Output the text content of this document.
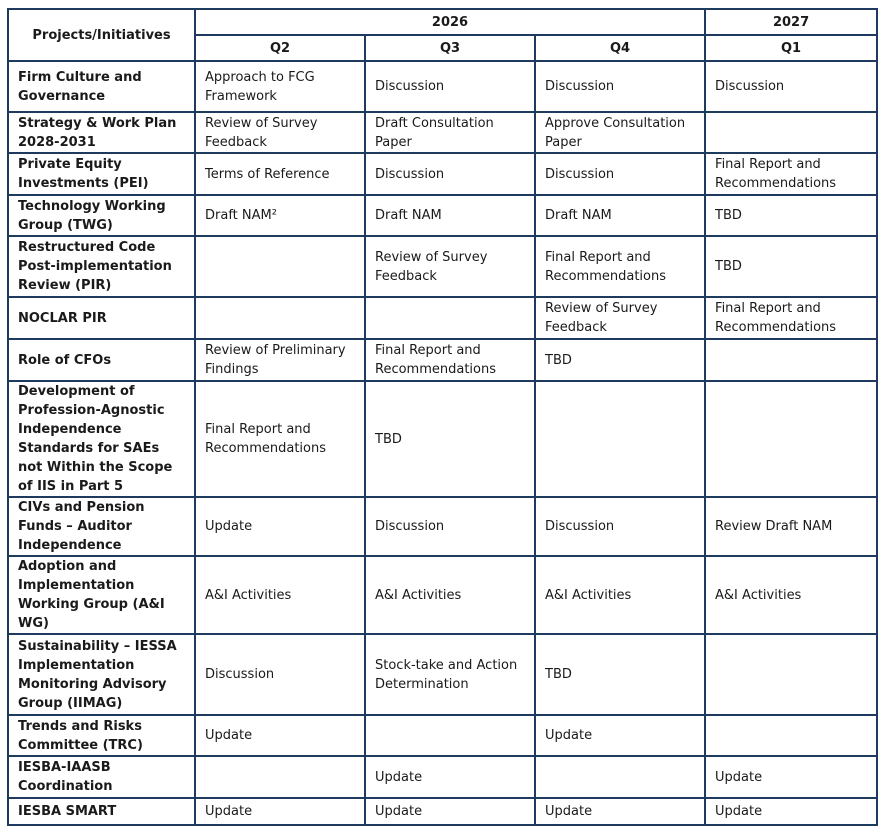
Projects/Initiatives	2026			2027
	Q2	Q3	Q4	Q1
Firm Culture and Governance	Approach to FCG Framework	Discussion	Discussion	Discussion
Strategy & Work Plan 2028-2031	Review of Survey Feedback	Draft Consultation Paper	Approve Consultation Paper	
Private Equity Investments (PEI)	Terms of Reference	Discussion	Discussion	Final Report and Recommendations
Technology Working Group (TWG)	Draft NAM²	Draft NAM	Draft NAM	TBD
Restructured Code Post-implementation Review (PIR)		Review of Survey Feedback	Final Report and Recommendations	TBD
NOCLAR PIR			Review of Survey Feedback	Final Report and Recommendations
Role of CFOs	Review of Preliminary Findings	Final Report and Recommendations	TBD	
Development of Profession-Agnostic Independence Standards for SAEs not Within the Scope of IIS in Part 5	Final Report and Recommendations	TBD		
CIVs and Pension Funds – Auditor Independence	Update	Discussion	Discussion	Review Draft NAM
Adoption and Implementation Working Group (A&I WG)	A&I Activities	A&I Activities	A&I Activities	A&I Activities
Sustainability – IESSA Implementation Monitoring Advisory Group (IIMAG)	Discussion	Stock-take and Action Determination	TBD	
Trends and Risks Committee (TRC)	Update		Update	
IESBA-IAASB Coordination		Update		Update
IESBA SMART	Update	Update	Update	Update
